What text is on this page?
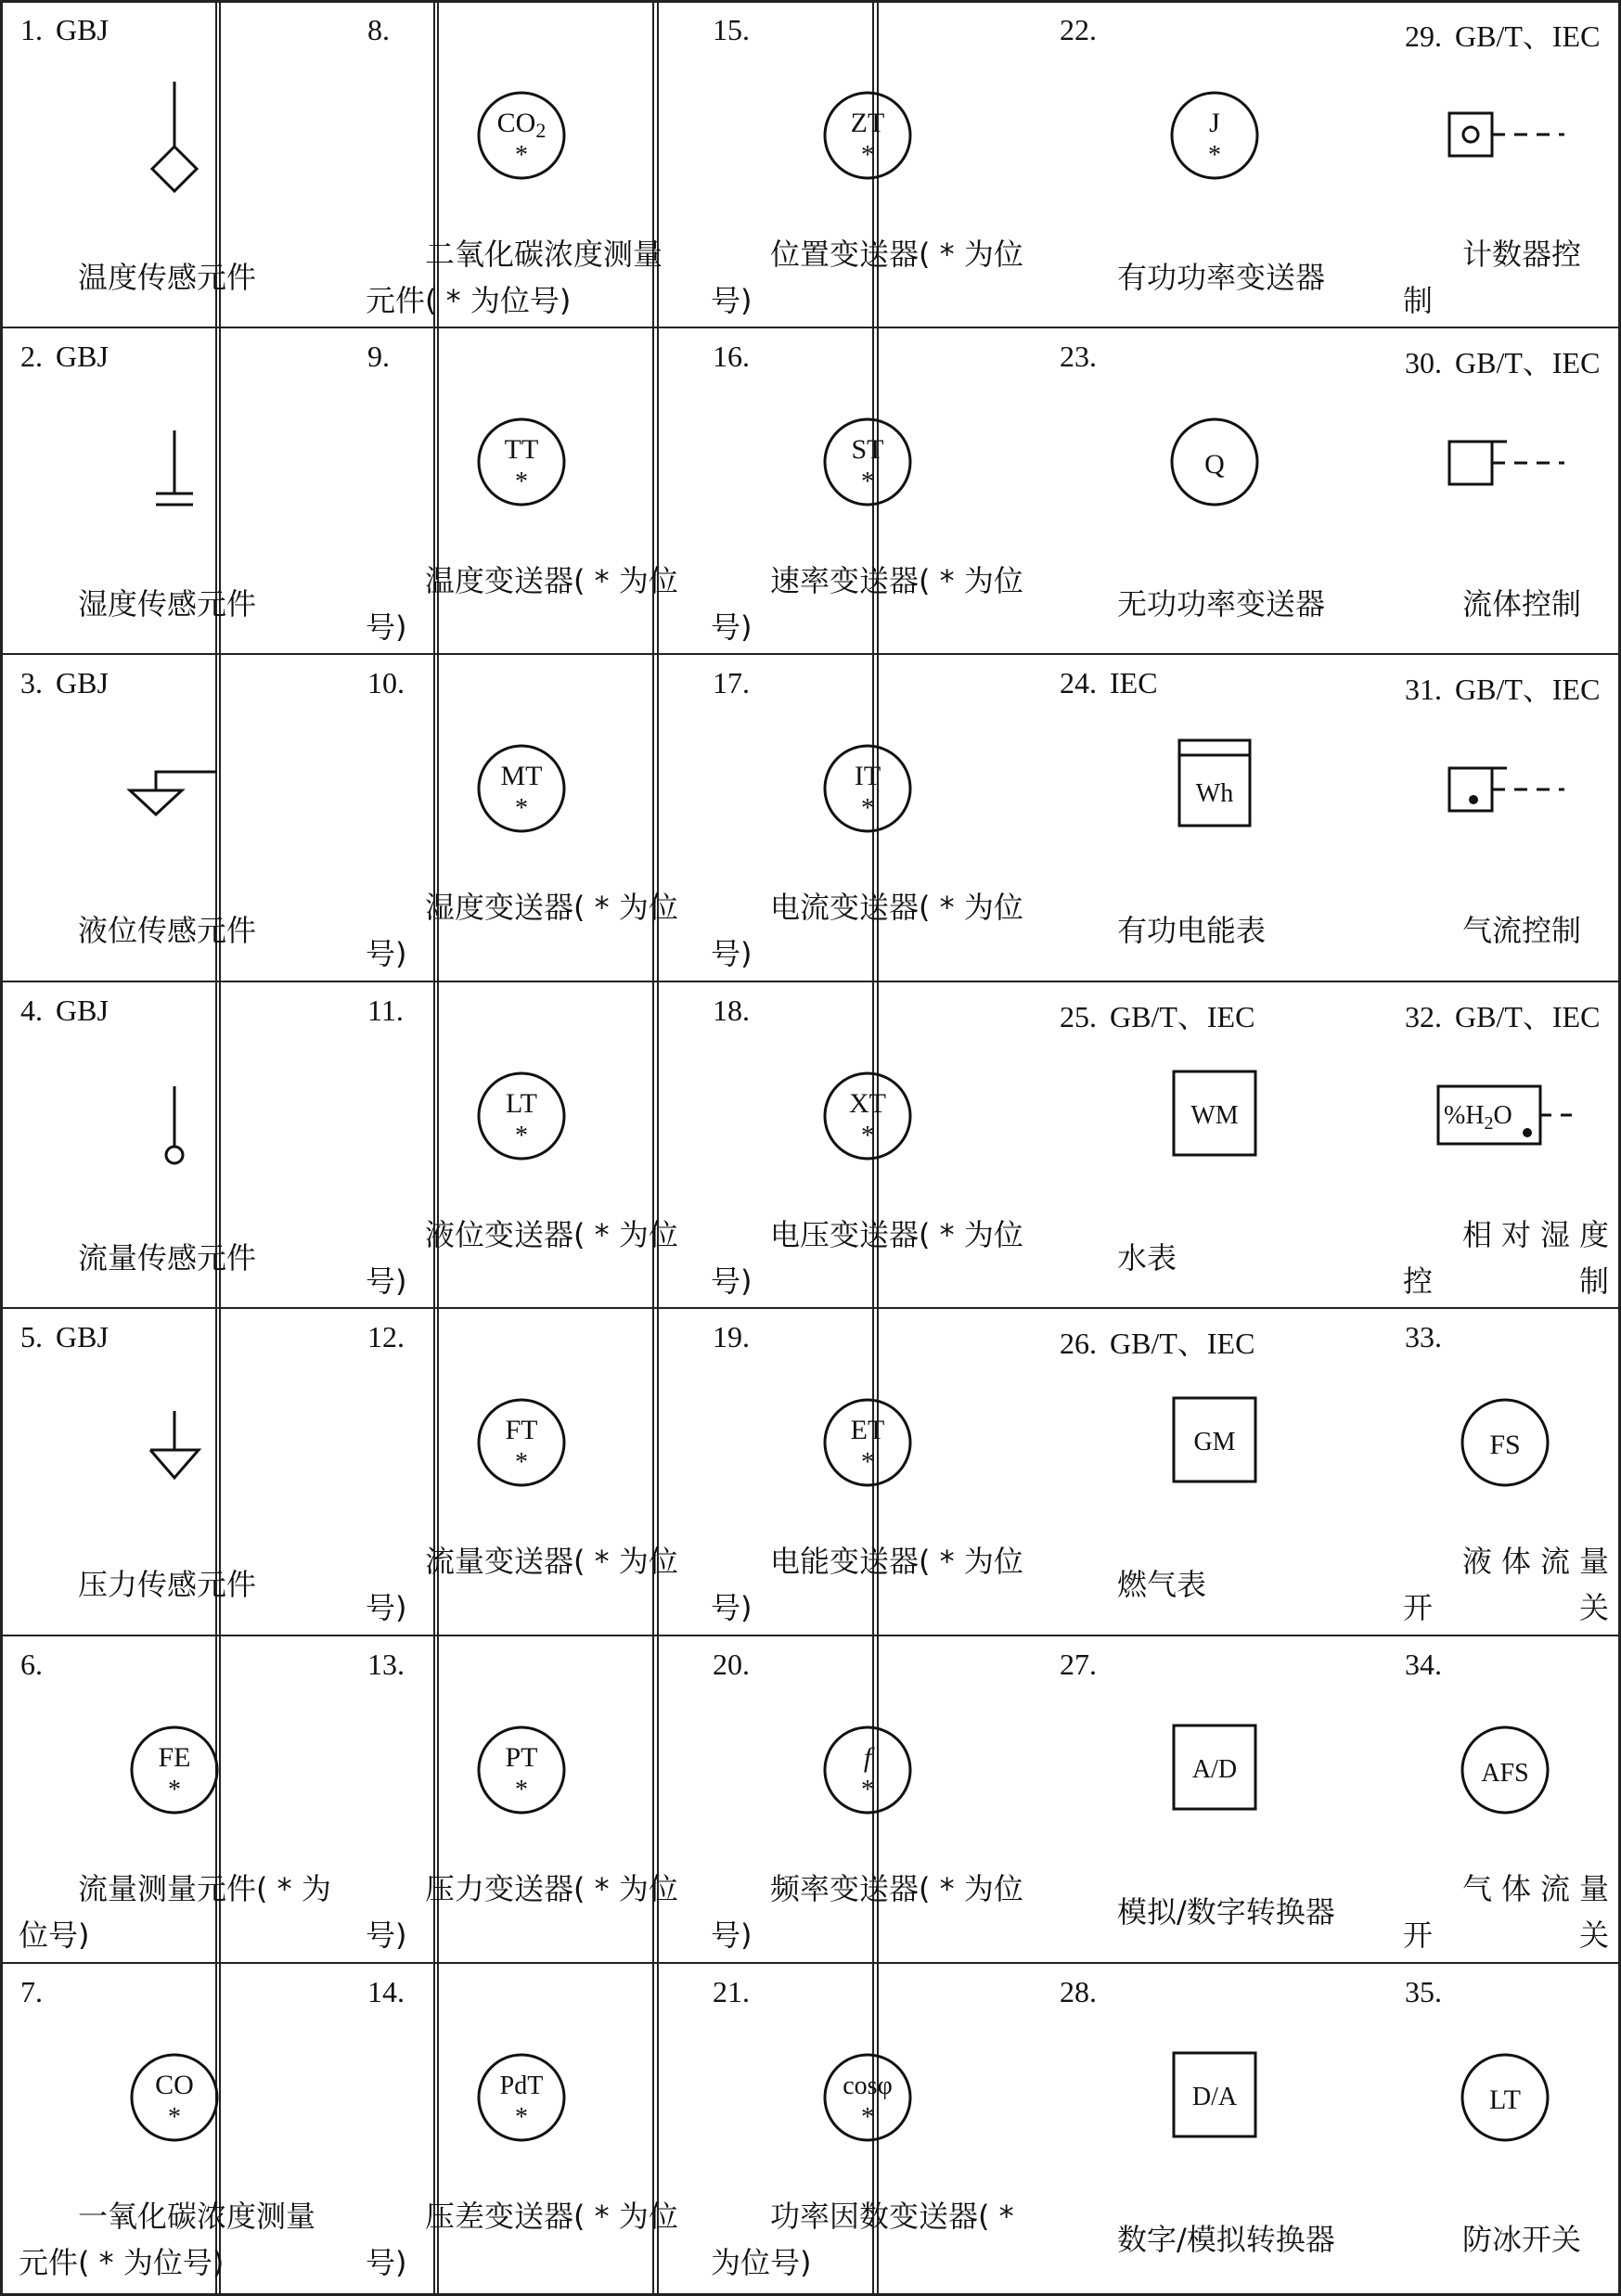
1. GBJ
温度传感元件
2. GBJ
湿度传感元件
3. GBJ
液位传感元件
4. GBJ
流量传感元件
5. GBJ
压力传感元件
6.
FE
*
流量测量元件( * 为位号)
7.
CO
*
一氧化碳浓度测量元件( * 为位号)
8.
$CO_2$
*
二氧化碳浓度测量元件( * 为位号)
9.
TT
*
温度变送器( * 为位号)
10.
MT
*
湿度变送器( * 为位号)
11.
LT
*
液位变送器( * 为位号)
12.
FT
*
流量变送器( * 为位号)
13.
PT
*
压力变送器( * 为位号)
14.
PdT
*
压差变送器( * 为位号)
15.
ZT
*
位置变送器( * 为位号)
16.
ST
*
速率变送器( * 为位号)
17.
IT
*
电流变送器( * 为位号)
18.
XT
*
电压变送器( * 为位号)
19.
ET
*
电能变送器( * 为位号)
20.
f
*
频率变送器( * 为位号)
21.
cosφ
*
功率因数变送器( * 为位号)
22.
J
*
有功功率变送器
23.
Q
无功功率变送器
24. IEC
Wh
有功电能表
25. GB/T、IEC
WM
水表
26. GB/T、IEC
GM
燃气表
27.
A/D
模拟/数字转换器
28.
D/A
数字/模拟转换器
29. GB/T、IEC
计数器控制
30. GB/T、IEC
流体控制
31. GB/T、IEC
气流控制
32. GB/T、IEC
$\%H_2O$
相对湿度控制
33.
FS
液体流量开关
34.
AFS
气体流量开关
35.
LT
防冰开关
